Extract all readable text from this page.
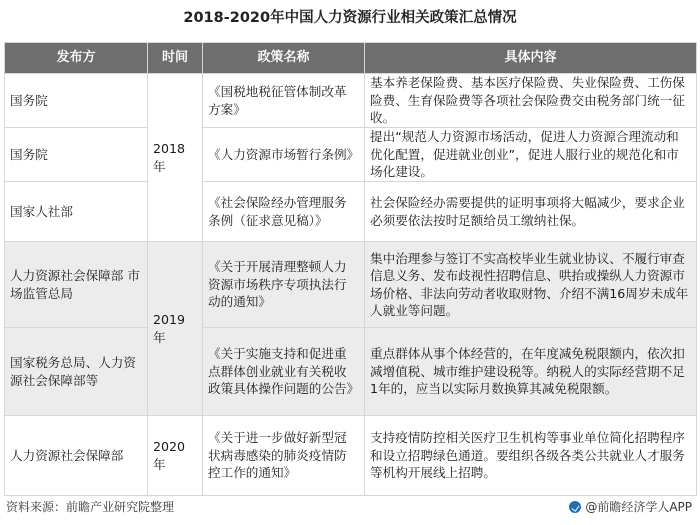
2018-2020年中国人力资源行业相关政策汇总情况
发布方	时间	政策名称	具体内容
国务院	2018年	《国税地税征管体制改革方案》	基本养老保险费、基本医疗保险费、失业保险费、工伤保险费、生育保险费等各项社会保险费交由税务部门统一征收。
国务院		《人力资源市场暂行条例》	提出“规范人力资源市场活动，促进人力资源合理流动和优化配置，促进就业创业”，促进人服行业的规范化和市场化建设。
国家人社部		《社会保险经办管理服务条例（征求意见稿）》	社会保险经办需要提供的证明事项将大幅减少，要求企业必须要依法按时足额给员工缴纳社保。
人力资源社会保障部 市场监管总局	2019年	《关于开展清理整顿人力资源市场秩序专项执法行动的通知》	集中治理参与签订不实高校毕业生就业协议、不履行审查信息义务、发布歧视性招聘信息、哄抬或操纵人力资源市场价格、非法向劳动者收取财物、介绍不满16周岁未成年人就业等问题。
国家税务总局、人力资源社会保障部等		《关于实施支持和促进重点群体创业就业有关税收政策具体操作问题的公告》	重点群体从事个体经营的，在年度减免税限额内，依次扣减增值税、城市维护建设税等。纳税人的实际经营期不足1年的，应当以实际月数换算其减免税限额。
人力资源社会保障部	2020年	《关于进一步做好新型冠状病毒感染的肺炎疫情防控工作的通知》	支持疫情防控相关医疗卫生机构等事业单位简化招聘程序和设立招聘绿色通道。要组织各级各类公共就业人才服务等机构开展线上招聘。
资料来源：前瞻产业研究院整理	@前瞻经济学人APP
